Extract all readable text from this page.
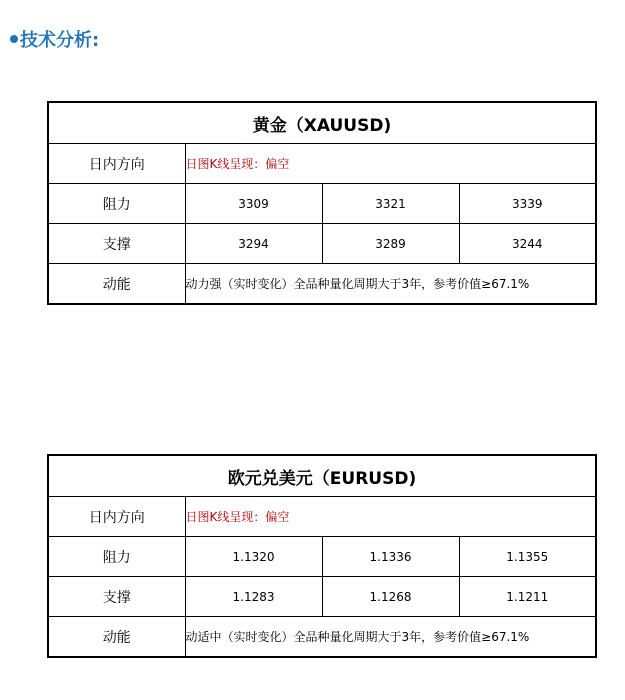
技术分析:
黄金（XAUUSD)			
日内方向	日图K线呈现：偏空		
阻力	3309	3321	3339
支撑	3294	3289	3244
动能	动力强（实时变化）全品种量化周期大于3年，参考价值≥67.1%		
欧元兑美元（EURUSD)			
日内方向	日图K线呈现：偏空		
阻力	1.1320	1.1336	1.1355
支撑	1.1283	1.1268	1.1211
动能	动适中（实时变化）全品种量化周期大于3年，参考价值≥67.1%		
